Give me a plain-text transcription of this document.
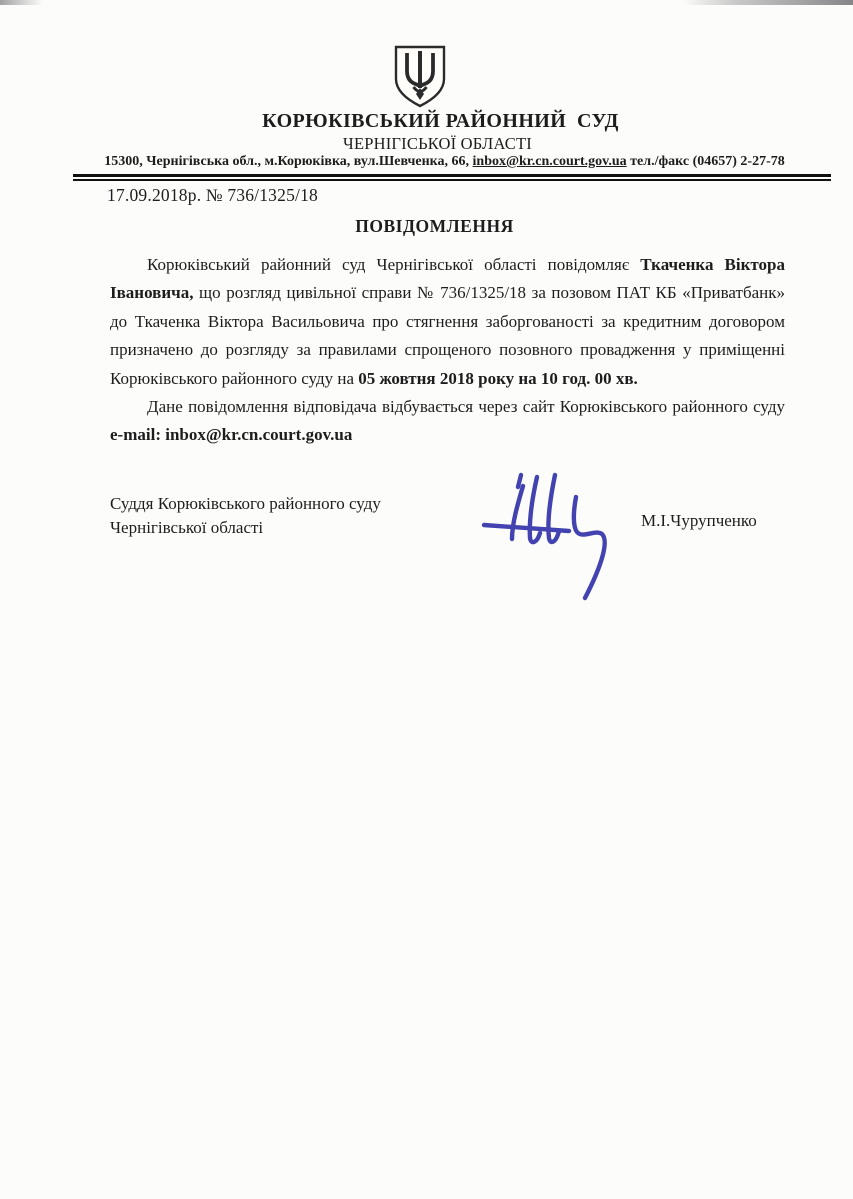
КОРЮКІВСЬКИЙ РАЙОННИЙ  СУД
ЧЕРНІГІСЬКОЇ ОБЛАСТІ
15300, Чернігівська обл., м.Корюківка, вул.Шевченка, 66, inbox@kr.cn.court.gov.ua тел./факс (04657) 2-27-78
17.09.2018р. № 736/1325/18
ПОВІДОМЛЕННЯ

Корюківський районний суд Чернігівської області повідомляє Ткаченка Віктора Івановича, що розгляд цивільної справи № 736/1325/18 за позовом ПАТ КБ «Приватбанк» до Ткаченка Віктора Васильовича про стягнення заборгованості за кредитним договором призначено до розгляду за правилами спрощеного позовного провадження у приміщенні Корюківського районного суду на 05 жовтня 2018 року на 10 год. 00 хв.

Дане повідомлення відповідача відбувається через сайт Корюківського районного суду e-mail: inbox@kr.cn.court.gov.ua

Суддя Корюківського районного суду
Чернігівської області	М.І.Чурупченко
